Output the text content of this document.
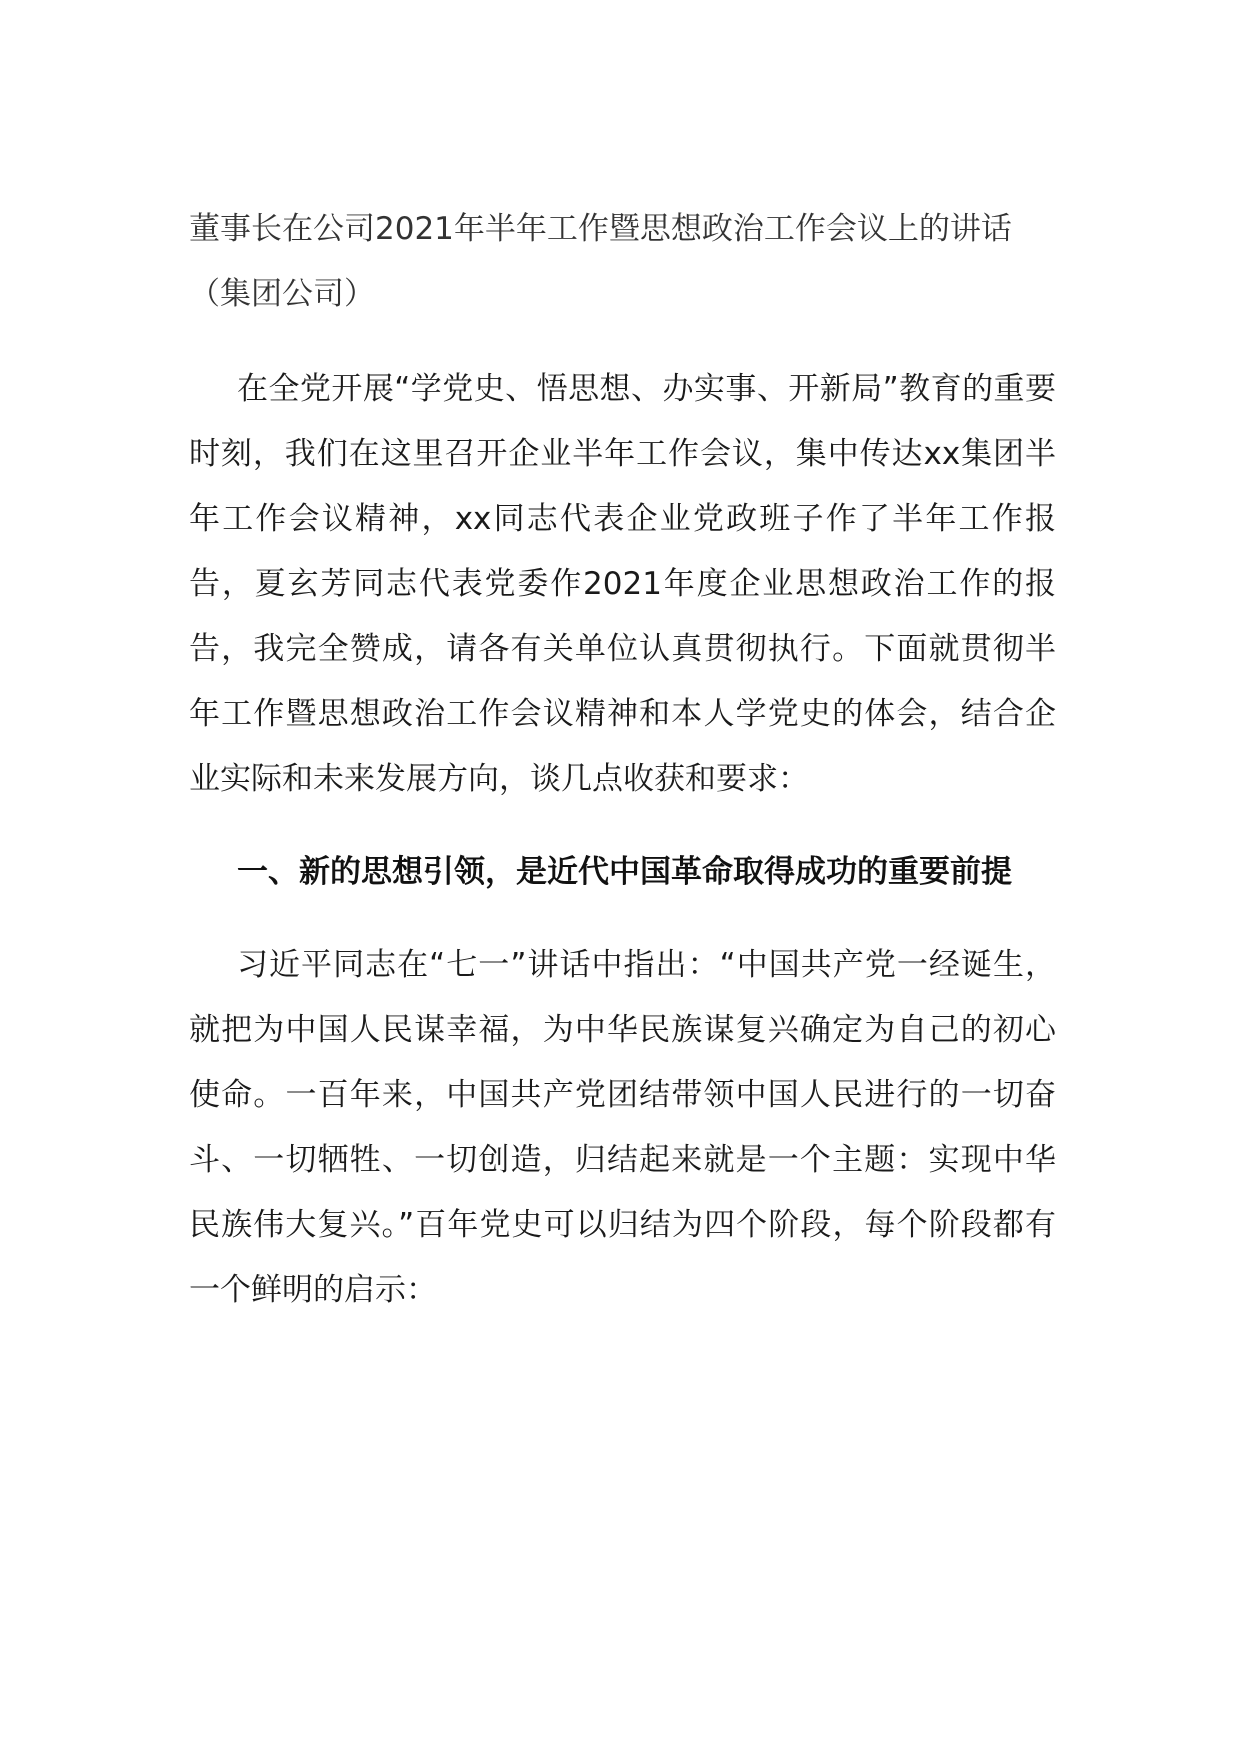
董事长在公司2021年半年工作暨思想政治工作会议上的讲话（集团公司）

在全党开展“学党史、悟思想、办实事、开新局”教育的重要时刻，我们在这里召开企业半年工作会议，集中传达xx集团半年工作会议精神，xx同志代表企业党政班子作了半年工作报告，夏玄芳同志代表党委作2021年度企业思想政治工作的报告，我完全赞成，请各有关单位认真贯彻执行。下面就贯彻半年工作暨思想政治工作会议精神和本人学党史的体会，结合企业实际和未来发展方向，谈几点收获和要求：

一、新的思想引领，是近代中国革命取得成功的重要前提

习近平同志在“七一”讲话中指出：“中国共产党一经诞生，就把为中国人民谋幸福，为中华民族谋复兴确定为自己的初心使命。一百年来，中国共产党团结带领中国人民进行的一切奋斗、一切牺牲、一切创造，归结起来就是一个主题：实现中华民族伟大复兴。”百年党史可以归结为四个阶段，每个阶段都有一个鲜明的启示：
